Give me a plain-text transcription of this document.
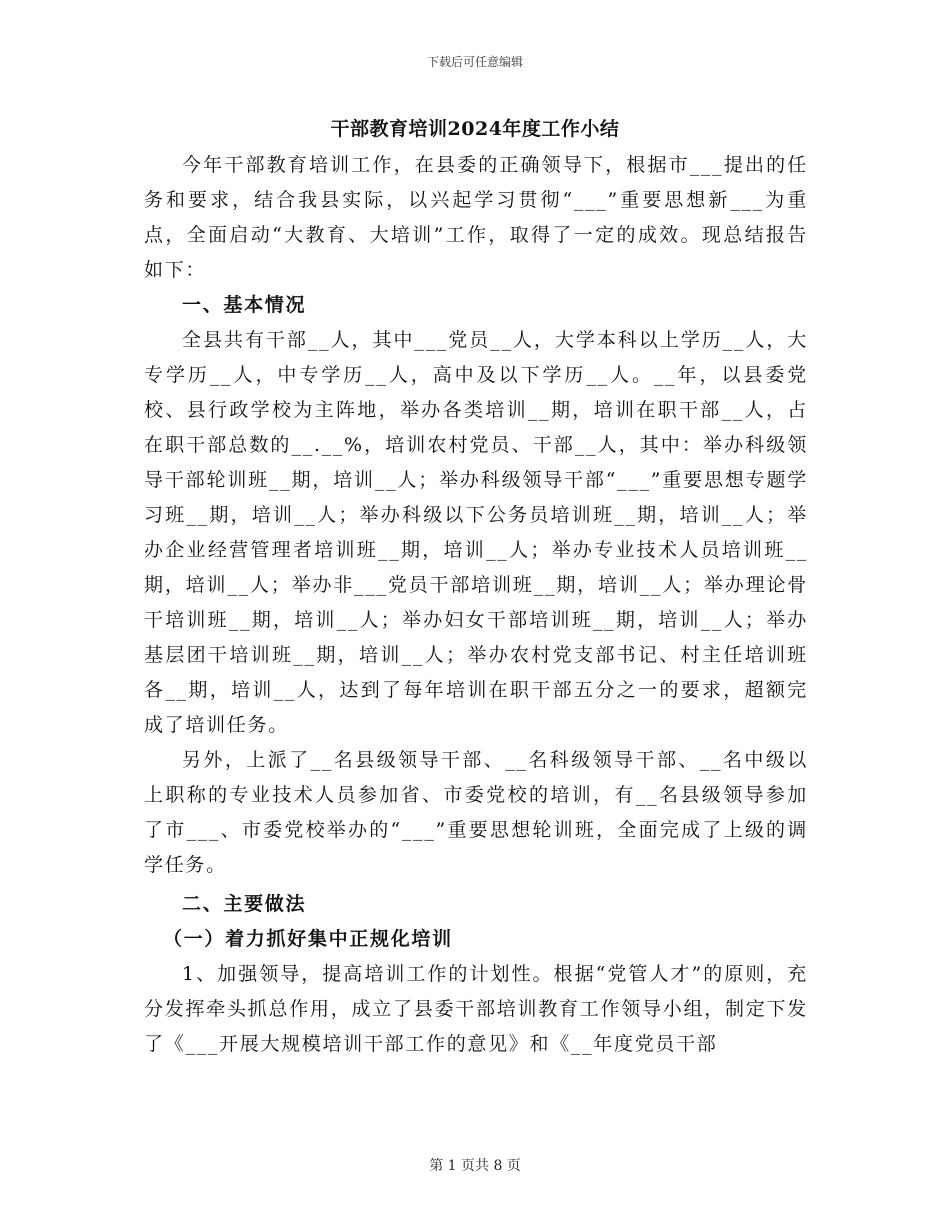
下载后可任意编辑
干部教育培训2024年度工作小结

今年干部教育培训工作，在县委的正确领导下，根据市___提出的任务和要求，结合我县实际，以兴起学习贯彻“___”重要思想新___为重点，全面启动“大教育、大培训”工作，取得了一定的成效。现总结报告如下：

一、基本情况

全县共有干部__人，其中___党员__人，大学本科以上学历__人，大专学历__人，中专学历__人，高中及以下学历__人。__年，以县委党校、县行政学校为主阵地，举办各类培训__期，培训在职干部__人，占在职干部总数的__.__%，培训农村党员、干部__人，其中：举办科级领导干部轮训班__期，培训__人；举办科级领导干部“___”重要思想专题学习班__期，培训__人；举办科级以下公务员培训班__期，培训__人；举办企业经营管理者培训班__期，培训__人；举办专业技术人员培训班__期，培训__人；举办非___党员干部培训班__期，培训__人；举办理论骨干培训班__期，培训__人；举办妇女干部培训班__期，培训__人；举办基层团干培训班__期，培训__人；举办农村党支部书记、村主任培训班各__期，培训__人，达到了每年培训在职干部五分之一的要求，超额完成了培训任务。

另外，上派了__名县级领导干部、__名科级领导干部、__名中级以上职称的专业技术人员参加省、市委党校的培训，有__名县级领导参加了市___、市委党校举办的“___”重要思想轮训班，全面完成了上级的调学任务。

二、主要做法

（一）着力抓好集中正规化培训

1、加强领导，提高培训工作的计划性。根据“党管人才”的原则，充分发挥牵头抓总作用，成立了县委干部培训教育工作领导小组，制定下发了《___开展大规模培训干部工作的意见》和《__年度党员干部

第 1 页共 8 页
